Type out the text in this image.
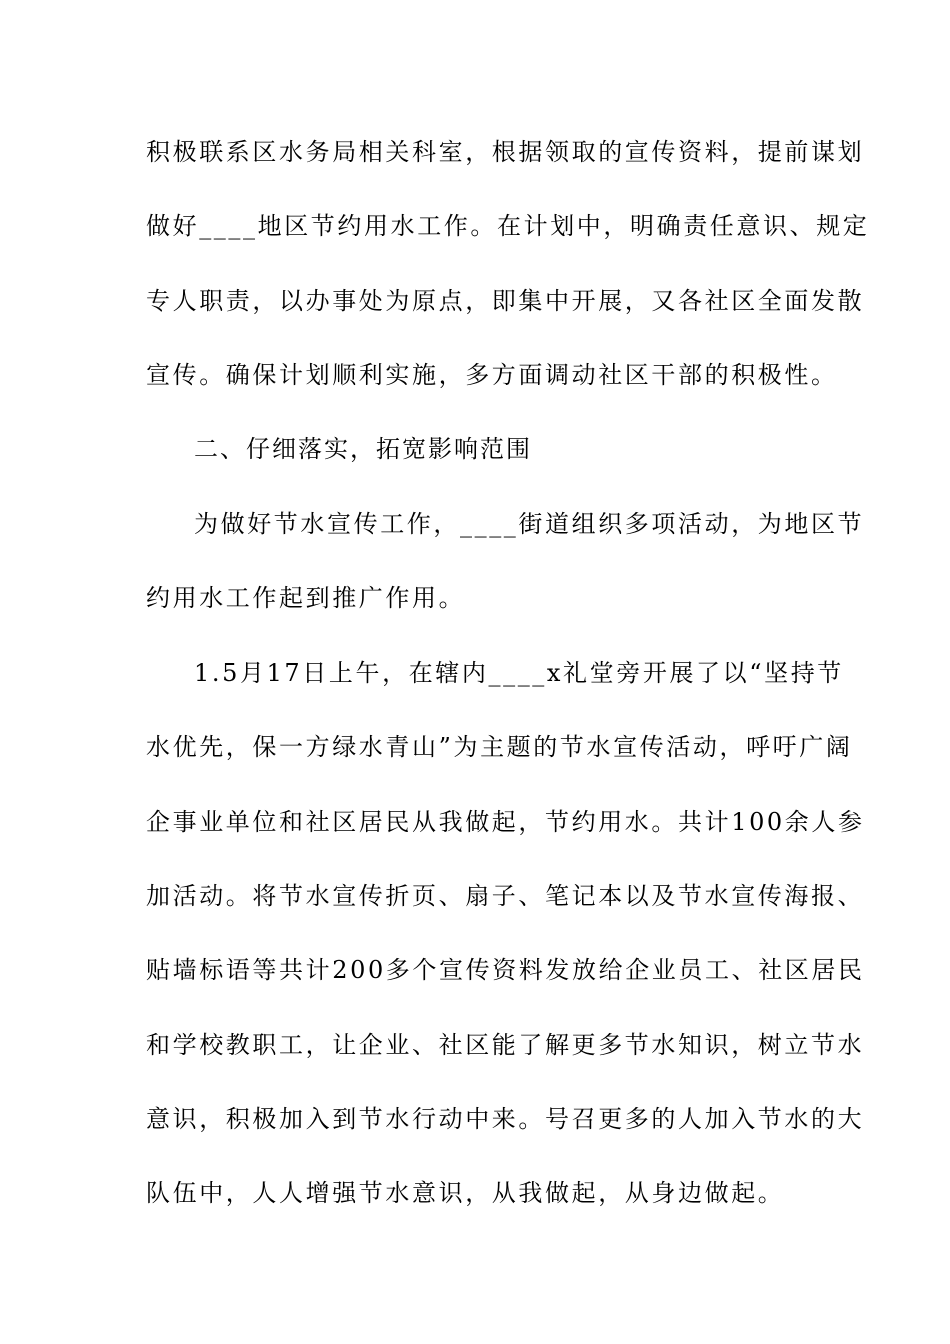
积极联系区水务局相关科室，根据领取的宣传资料，提前谋划
做好____地区节约用水工作。在计划中，明确责任意识、规定
专人职责，以办事处为原点，即集中开展，又各社区全面发散
宣传。确保计划顺利实施，多方面调动社区干部的积极性。
二、仔细落实，拓宽影响范围
为做好节水宣传工作，____街道组织多项活动，为地区节
约用水工作起到推广作用。
1.5月17日上午，在辖内____x礼堂旁开展了以“坚持节
水优先，保一方绿水青山”为主题的节水宣传活动，呼吁广阔
企事业单位和社区居民从我做起，节约用水。共计100余人参
加活动。将节水宣传折页、扇子、笔记本以及节水宣传海报、
贴墙标语等共计200多个宣传资料发放给企业员工、社区居民
和学校教职工，让企业、社区能了解更多节水知识，树立节水
意识，积极加入到节水行动中来。号召更多的人加入节水的大
队伍中，人人增强节水意识，从我做起，从身边做起。
